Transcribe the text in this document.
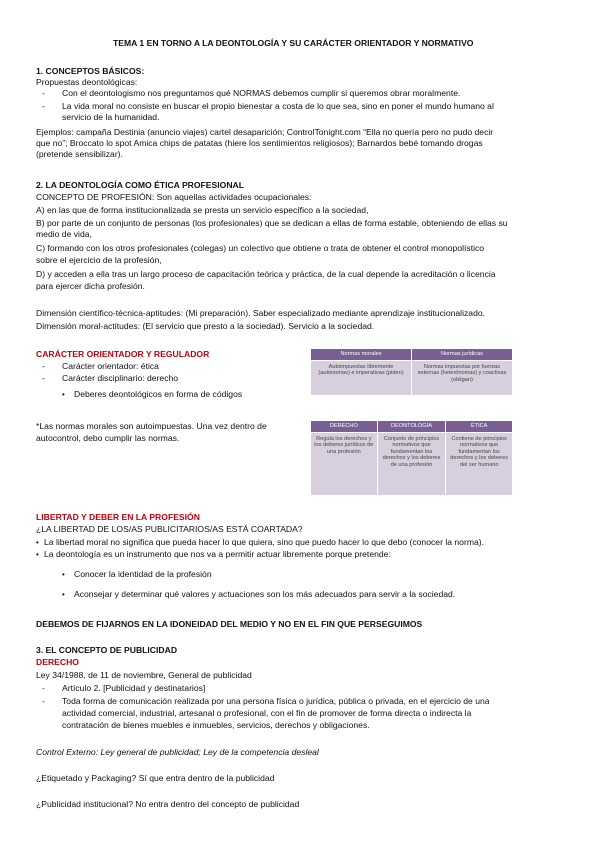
TEMA 1 EN TORNO A LA DEONTOLOGÍA Y SU CARÁCTER ORIENTADOR Y NORMATIVO
1. CONCEPTOS BÁSICOS:
Propuestas deontológicas:
- Con el deontologismo nos preguntamos qué NORMAS debemos cumplir si queremos obrar moralmente.
- La vida moral no consiste en buscar el propio bienestar a costa de lo que sea, sino en poner el mundo humano al
servicio de la humanidad.
Ejemplos: campaña Destinia (anuncio viajes) cartel desaparición; ControlTonight.com “Ella no quería pero no pudo decir
que no”; Broccato lo spot Amica chips de patatas (hiere los sentimientos religiosos); Barnardos bebé tomando drogas
(pretende sensibilizar).
2. LA DEONTOLOGÍA COMO ÉTICA PROFESIONAL
CONCEPTO DE PROFESIÓN: Son aquellas actividades ocupacionales:
A) en las que de forma institucionalizada se presta un servicio específico a la sociedad,
B) por parte de un conjunto de personas (los profesionales) que se dedican a ellas de forma estable, obteniendo de ellas su
medio de vida,
C) formando con los otros profesionales (colegas) un colectivo que obtiene o trata de obtener el control monopolístico
sobre el ejercicio de la profesión,
D) y acceden a ella tras un largo proceso de capacitación teórica y práctica, de la cual depende la acreditación o licencia
para ejercer dicha profesión.
Dimensión científico-técnica-aptitudes: (Mi preparación). Saber especializado mediante aprendizaje institucionalizado.
Dimensión moral-actitudes: (El servicio que presto a la sociedad). Servicio a la sociedad.
CARÁCTER ORIENTADOR Y REGULADOR
- Carácter orientador: ética
- Carácter disciplinario: derecho
• Deberes deontológicos en forma de códigos
*Las normas morales son autoimpuestas. Una vez dentro de
autocontrol, debo cumplir las normas.
Normas morales	Normas jurídicas
Autoimpuestas libremente (autónomas) e imperativas (piden)	Normas impuestas por fuerzas externas (heterónomas) y coactivas (obligan)
DERECHO	DEONTOLOGÍA	ÉTICA
Regula los derechos y los deberes jurídicos de una profesión	Conjunto de principios normativos que fundamentan los derechos y los deberes de una profesión	Contiene de principios normativos que fundamentan los derechos y los deberes del ser humano
LIBERTAD Y DEBER EN LA PROFESIÓN
¿LA LIBERTAD DE LOS/AS PUBLICITARIOS/AS ESTÁ COARTADA?
• La libertad moral no significa que pueda hacer lo que quiera, sino que puedo hacer lo que debo (conocer la norma).
• La deontología es un instrumento que nos va a permitir actuar libremente porque pretende:
• Conocer la identidad de la profesión
• Aconsejar y determinar qué valores y actuaciones son los más adecuados para servir a la sociedad.
DEBEMOS DE FIJARNOS EN LA IDONEIDAD DEL MEDIO Y NO EN EL FIN QUE PERSEGUIMOS
3. EL CONCEPTO DE PUBLICIDAD
DERECHO
Ley 34/1988, de 11 de noviembre, General de publicidad
- Artículo 2. [Publicidad y destinatarios]
- Toda forma de comunicación realizada por una persona física o jurídica, pública o privada, en el ejercicio de una
actividad comercial, industrial, artesanal o profesional, con el fin de promover de forma directa o indirecta la
contratación de bienes muebles e inmuebles, servicios, derechos y obligaciones.
Control Externo: Ley general de publicidad; Ley de la competencia desleal
¿Etiquetado y Packaging? Sí que entra dentro de la publicidad
¿Publicidad institucional? No entra dentro del concepto de publicidad
